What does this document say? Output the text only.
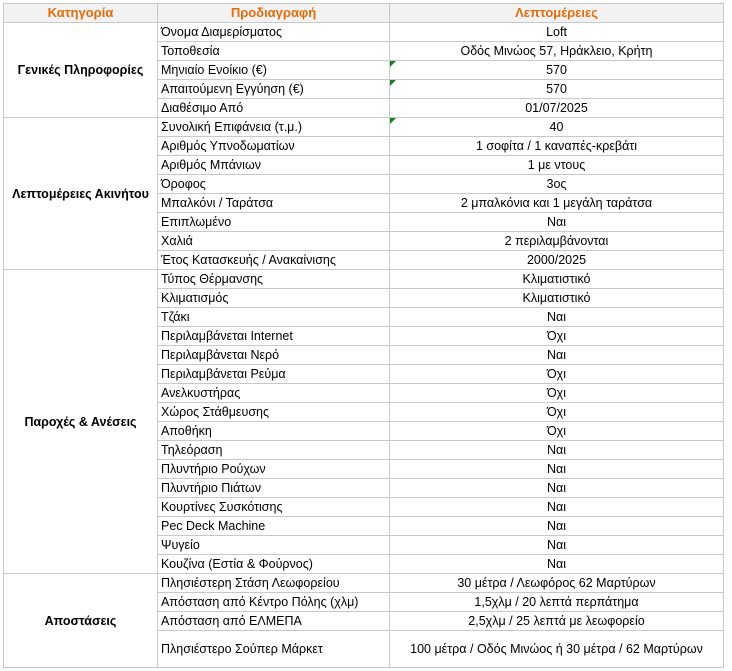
Κατηγορία	Προδιαγραφή	Λεπτομέρειες
Γενικές Πληροφορίες	Όνομα Διαμερίσματος	Loft
	Τοποθεσία	Οδός Μινώος 57, Ηράκλειο, Κρήτη
	Μηνιαίο Ενοίκιο (€)	570
	Απαιτούμενη Εγγύηση (€)	570
	Διαθέσιμο Από	01/07/2025
Λεπτομέρειες Ακινήτου	Συνολική Επιφάνεια (τ.μ.)	40
	Αριθμός Υπνοδωματίων	1 σοφίτα / 1 καναπές-κρεβάτι
	Αριθμός Μπάνιων	1 με ντους
	Όροφος	3ος
	Μπαλκόνι / Ταράτσα	2 μπαλκόνια και 1 μεγάλη ταράτσα
	Επιπλωμένο	Ναι
	Χαλιά	2 περιλαμβάνονται
	Έτος Κατασκευής / Ανακαίνισης	2000/2025
Παροχές & Ανέσεις	Τύπος Θέρμανσης	Κλιματιστικό
	Κλιματισμός	Κλιματιστικό
	Τζάκι	Ναι
	Περιλαμβάνεται Internet	Όχι
	Περιλαμβάνεται Νερό	Ναι
	Περιλαμβάνεται Ρεύμα	Όχι
	Ανελκυστήρας	Όχι
	Χώρος Στάθμευσης	Όχι
	Αποθήκη	Όχι
	Τηλεόραση	Ναι
	Πλυντήριο Ρούχων	Ναι
	Πλυντήριο Πιάτων	Ναι
	Κουρτίνες Συσκότισης	Ναι
	Pec Deck Machine	Ναι
	Ψυγείο	Ναι
	Κουζίνα (Εστία & Φούρνος)	Ναι
Αποστάσεις	Πλησιέστερη Στάση Λεωφορείου	30 μέτρα / Λεωφόρος 62 Μαρτύρων
	Απόσταση από Κέντρο Πόλης (χλμ)	1,5χλμ / 20 λεπτά περπάτημα
	Απόσταση από ΕΛΜΕΠΑ	2,5χλμ / 25 λεπτά με λεωφορείο
	Πλησιέστερο Σούπερ Μάρκετ	100 μέτρα / Οδός Μινώος ή 30 μέτρα / 62 Μαρτύρων
